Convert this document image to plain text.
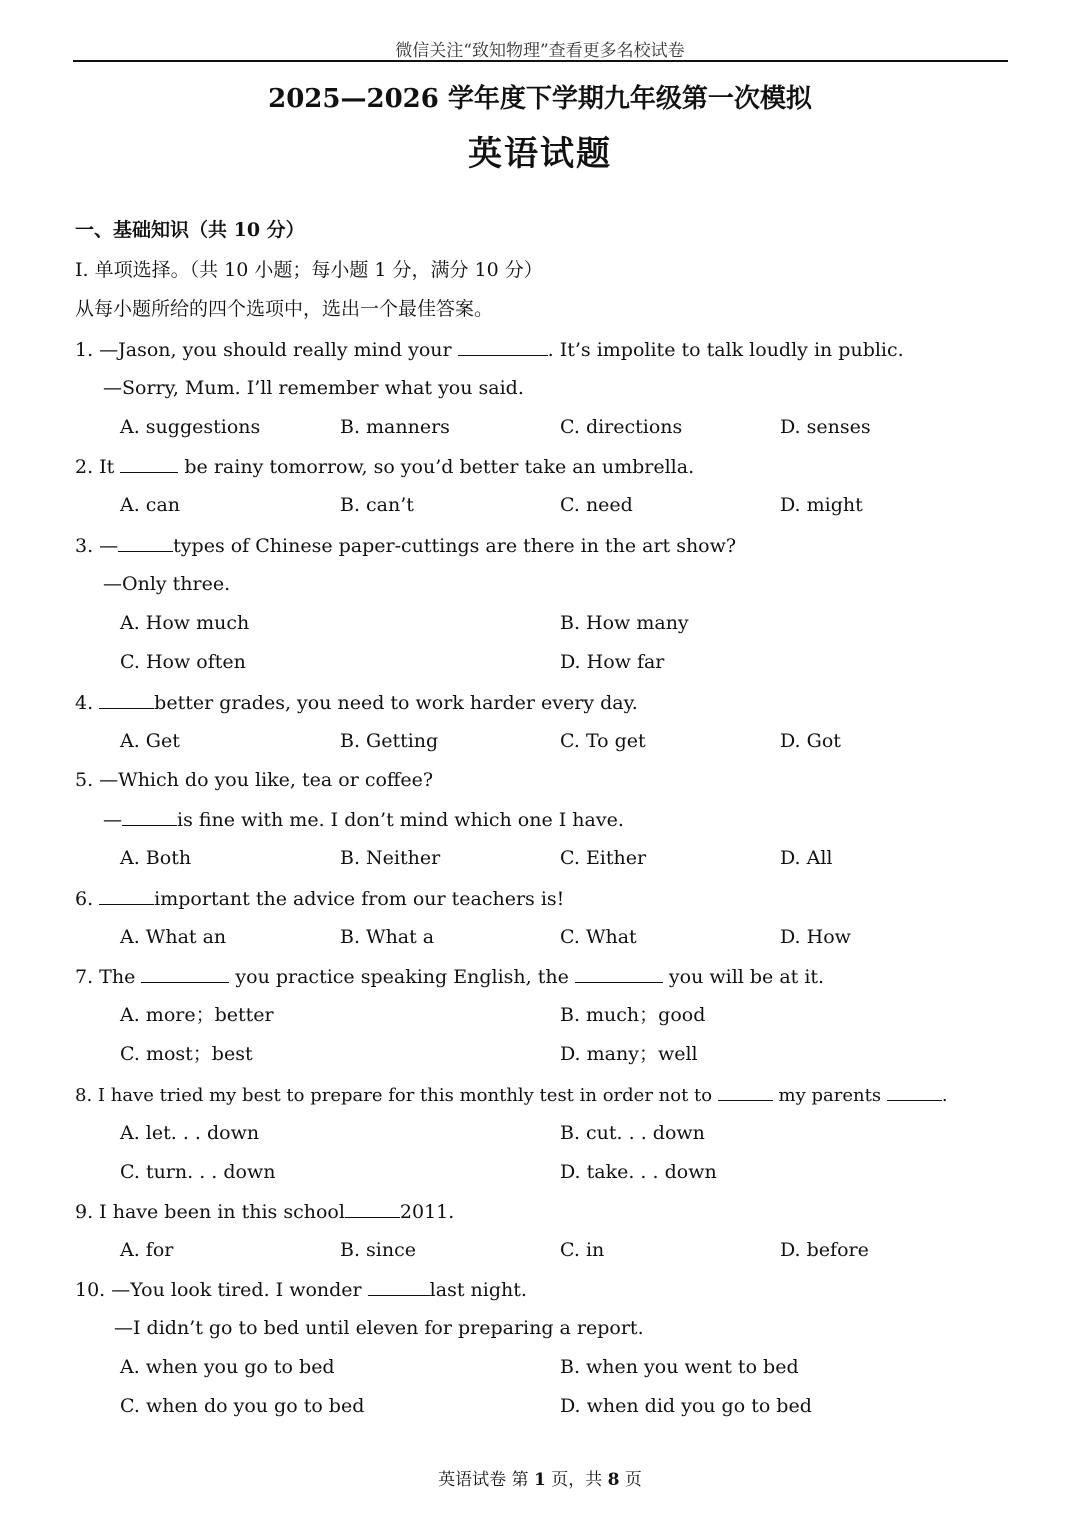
微信关注“致知物理”查看更多名校试卷
2025—2026 学年度下学期九年级第一次模拟
英语试题
一、基础知识（共 10 分）
I. 单项选择。（共 10 小题；每小题 1 分，满分 10 分）
从每小题所给的四个选项中，选出一个最佳答案。
1. —Jason, you should really mind your	. It’s impolite to talk loudly in public.
—Sorry, Mum. I’ll remember what you said.
A. suggestions	B. manners	C. directions	D. senses
2. It	be rainy tomorrow, so you’d better take an umbrella.
A. can	B. can’t	C. need	D. might
3. —	types of Chinese paper-cuttings are there in the art show?
—Only three.
A. How much	B. How many
C. How often	D. How far
4.	better grades, you need to work harder every day.
A. Get	B. Getting	C. To get	D. Got
5. —Which do you like, tea or coffee?
—	is fine with me. I don’t mind which one I have.
A. Both	B. Neither	C. Either	D. All
6.	important the advice from our teachers is!
A. What an	B. What a	C. What	D. How
7. The	you practice speaking English, the	you will be at it.
A. more；better	B. much；good
C. most；best	D. many；well
8. I have tried my best to prepare for this monthly test in order not to	my parents	.
A. let. . . down	B. cut. . . down
C. turn. . . down	D. take. . . down
9. I have been in this school	2011.
A. for	B. since	C. in	D. before
10. —You look tired. I wonder	last night.
—I didn’t go to bed until eleven for preparing a report.
A. when you go to bed	B. when you went to bed
C. when do you go to bed	D. when did you go to bed
英语试卷 第 1 页，共 8 页
